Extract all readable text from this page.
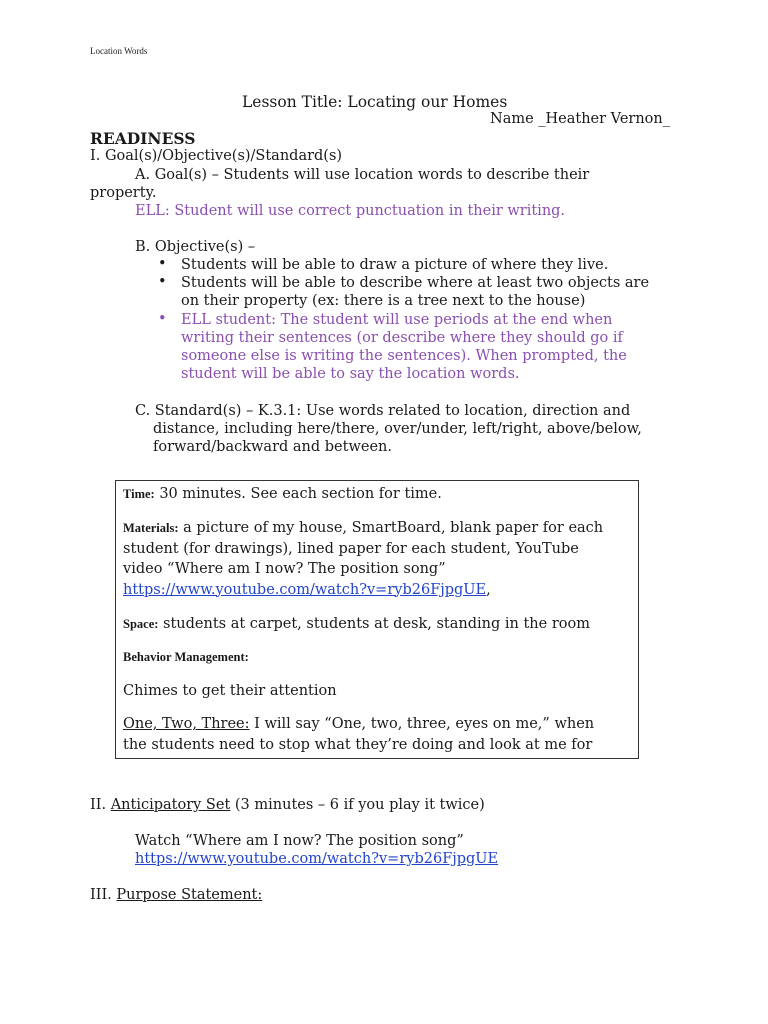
Location Words
Lesson Title: Locating our Homes
Name _Heather Vernon_
READINESS
I. Goal(s)/Objective(s)/Standard(s)
A. Goal(s) – Students will use location words to describe their
property.
ELL: Student will use correct punctuation in their writing.
B. Objective(s) –
• Students will be able to draw a picture of where they live.
• Students will be able to describe where at least two objects are
on their property (ex: there is a tree next to the house)
• ELL student: The student will use periods at the end when
writing their sentences (or describe where they should go if
someone else is writing the sentences). When prompted, the
student will be able to say the location words.
C. Standard(s) – K.3.1: Use words related to location, direction and
distance, including here/there, over/under, left/right, above/below,
forward/backward and between.
Time: 30 minutes. See each section for time.
Materials: a picture of my house, SmartBoard, blank paper for each
student (for drawings), lined paper for each student, YouTube
video “Where am I now? The position song”
https://www.youtube.com/watch?v=ryb26FjpgUE,
Space: students at carpet, students at desk, standing in the room
Behavior Management:
Chimes to get their attention
One, Two, Three: I will say “One, two, three, eyes on me,” when
the students need to stop what they’re doing and look at me for
II. Anticipatory Set (3 minutes – 6 if you play it twice)
Watch “Where am I now? The position song”
https://www.youtube.com/watch?v=ryb26FjpgUE
III. Purpose Statement:
